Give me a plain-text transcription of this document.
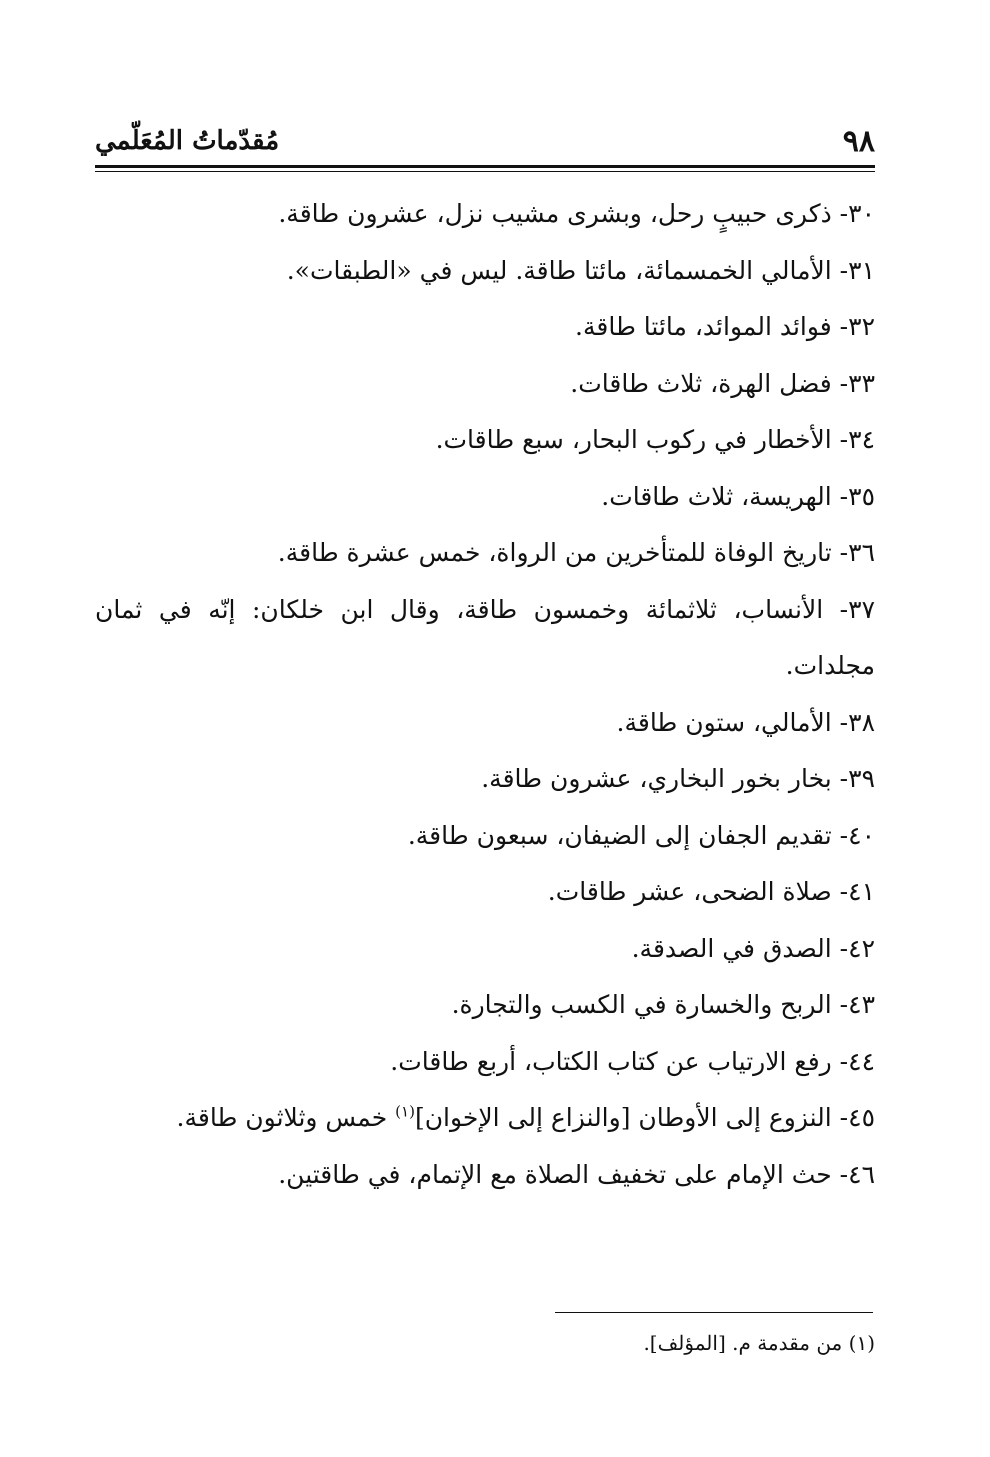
٩٨
مُقدّماتُ المُعَلّمي

٣٠- ذكرى حبيبٍ رحل، وبشرى مشيب نزل، عشرون طاقة.

٣١- الأمالي الخمسمائة، مائتا طاقة. ليس في «الطبقات».

٣٢- فوائد الموائد، مائتا طاقة.

٣٣- فضل الهرة، ثلاث طاقات.

٣٤- الأخطار في ركوب البحار، سبع طاقات.

٣٥- الهريسة، ثلاث طاقات.

٣٦- تاريخ الوفاة للمتأخرين من الرواة، خمس عشرة طاقة.

٣٧- الأنساب، ثلاثمائة وخمسون طاقة، وقال ابن خلكان: إنّه في ثمان مجلدات.

٣٨- الأمالي، ستون طاقة.

٣٩- بخار بخور البخاري، عشرون طاقة.

٤٠- تقديم الجفان إلى الضيفان، سبعون طاقة.

٤١- صلاة الضحى، عشر طاقات.

٤٢- الصدق في الصدقة.

٤٣- الربح والخسارة في الكسب والتجارة.

٤٤- رفع الارتياب عن كتاب الكتاب، أربع طاقات.

٤٥- النزوع إلى الأوطان [والنزاع إلى الإخوان]$^{(١)}$ خمس وثلاثون طاقة.

٤٦- حث الإمام على تخفيف الصلاة مع الإتمام، في طاقتين.

(١) من مقدمة م. [المؤلف].
